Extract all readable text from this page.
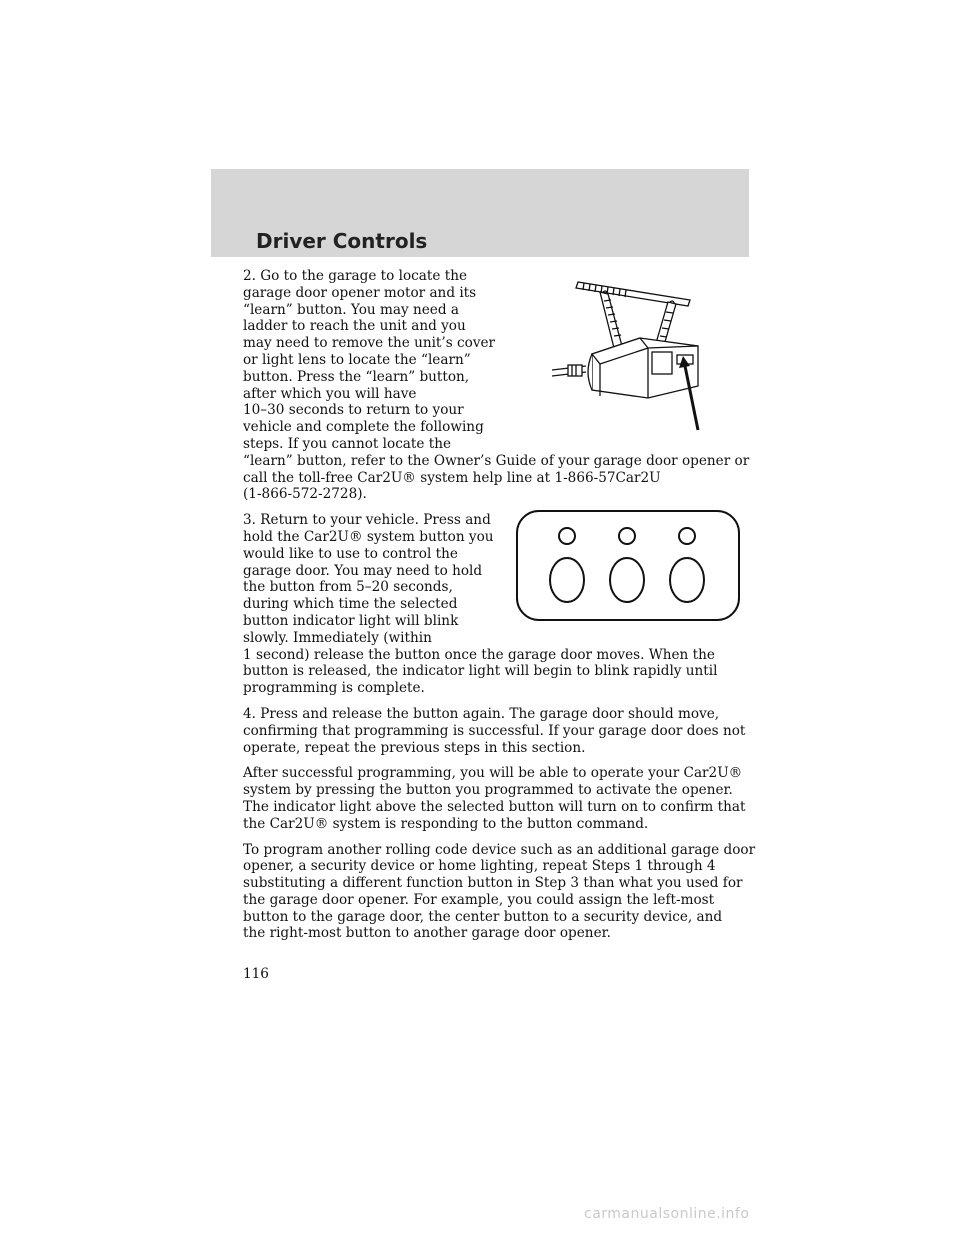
Driver Controls

2. Go to the garage to locate the
garage door opener motor and its
“learn” button. You may need a
ladder to reach the unit and you
may need to remove the unit’s cover
or light lens to locate the “learn”
button. Press the “learn” button,
after which you will have
10–30 seconds to return to your
vehicle and complete the following
steps. If you cannot locate the
“learn” button, refer to the Owner’s Guide of your garage door opener or
call the toll-free Car2U® system help line at 1-866-57Car2U
(1-866-572-2728).

3. Return to your vehicle. Press and
hold the Car2U® system button you
would like to use to control the
garage door. You may need to hold
the button from 5–20 seconds,
during which time the selected
button indicator light will blink
slowly. Immediately (within
1 second) release the button once the garage door moves. When the
button is released, the indicator light will begin to blink rapidly until
programming is complete.

4. Press and release the button again. The garage door should move,
confirming that programming is successful. If your garage door does not
operate, repeat the previous steps in this section.

After successful programming, you will be able to operate your Car2U®
system by pressing the button you programmed to activate the opener.
The indicator light above the selected button will turn on to confirm that
the Car2U® system is responding to the button command.

To program another rolling code device such as an additional garage door
opener, a security device or home lighting, repeat Steps 1 through 4
substituting a different function button in Step 3 than what you used for
the garage door opener. For example, you could assign the left-most
button to the garage door, the center button to a security device, and
the right-most button to another garage door opener.

116

carmanualsonline.info
